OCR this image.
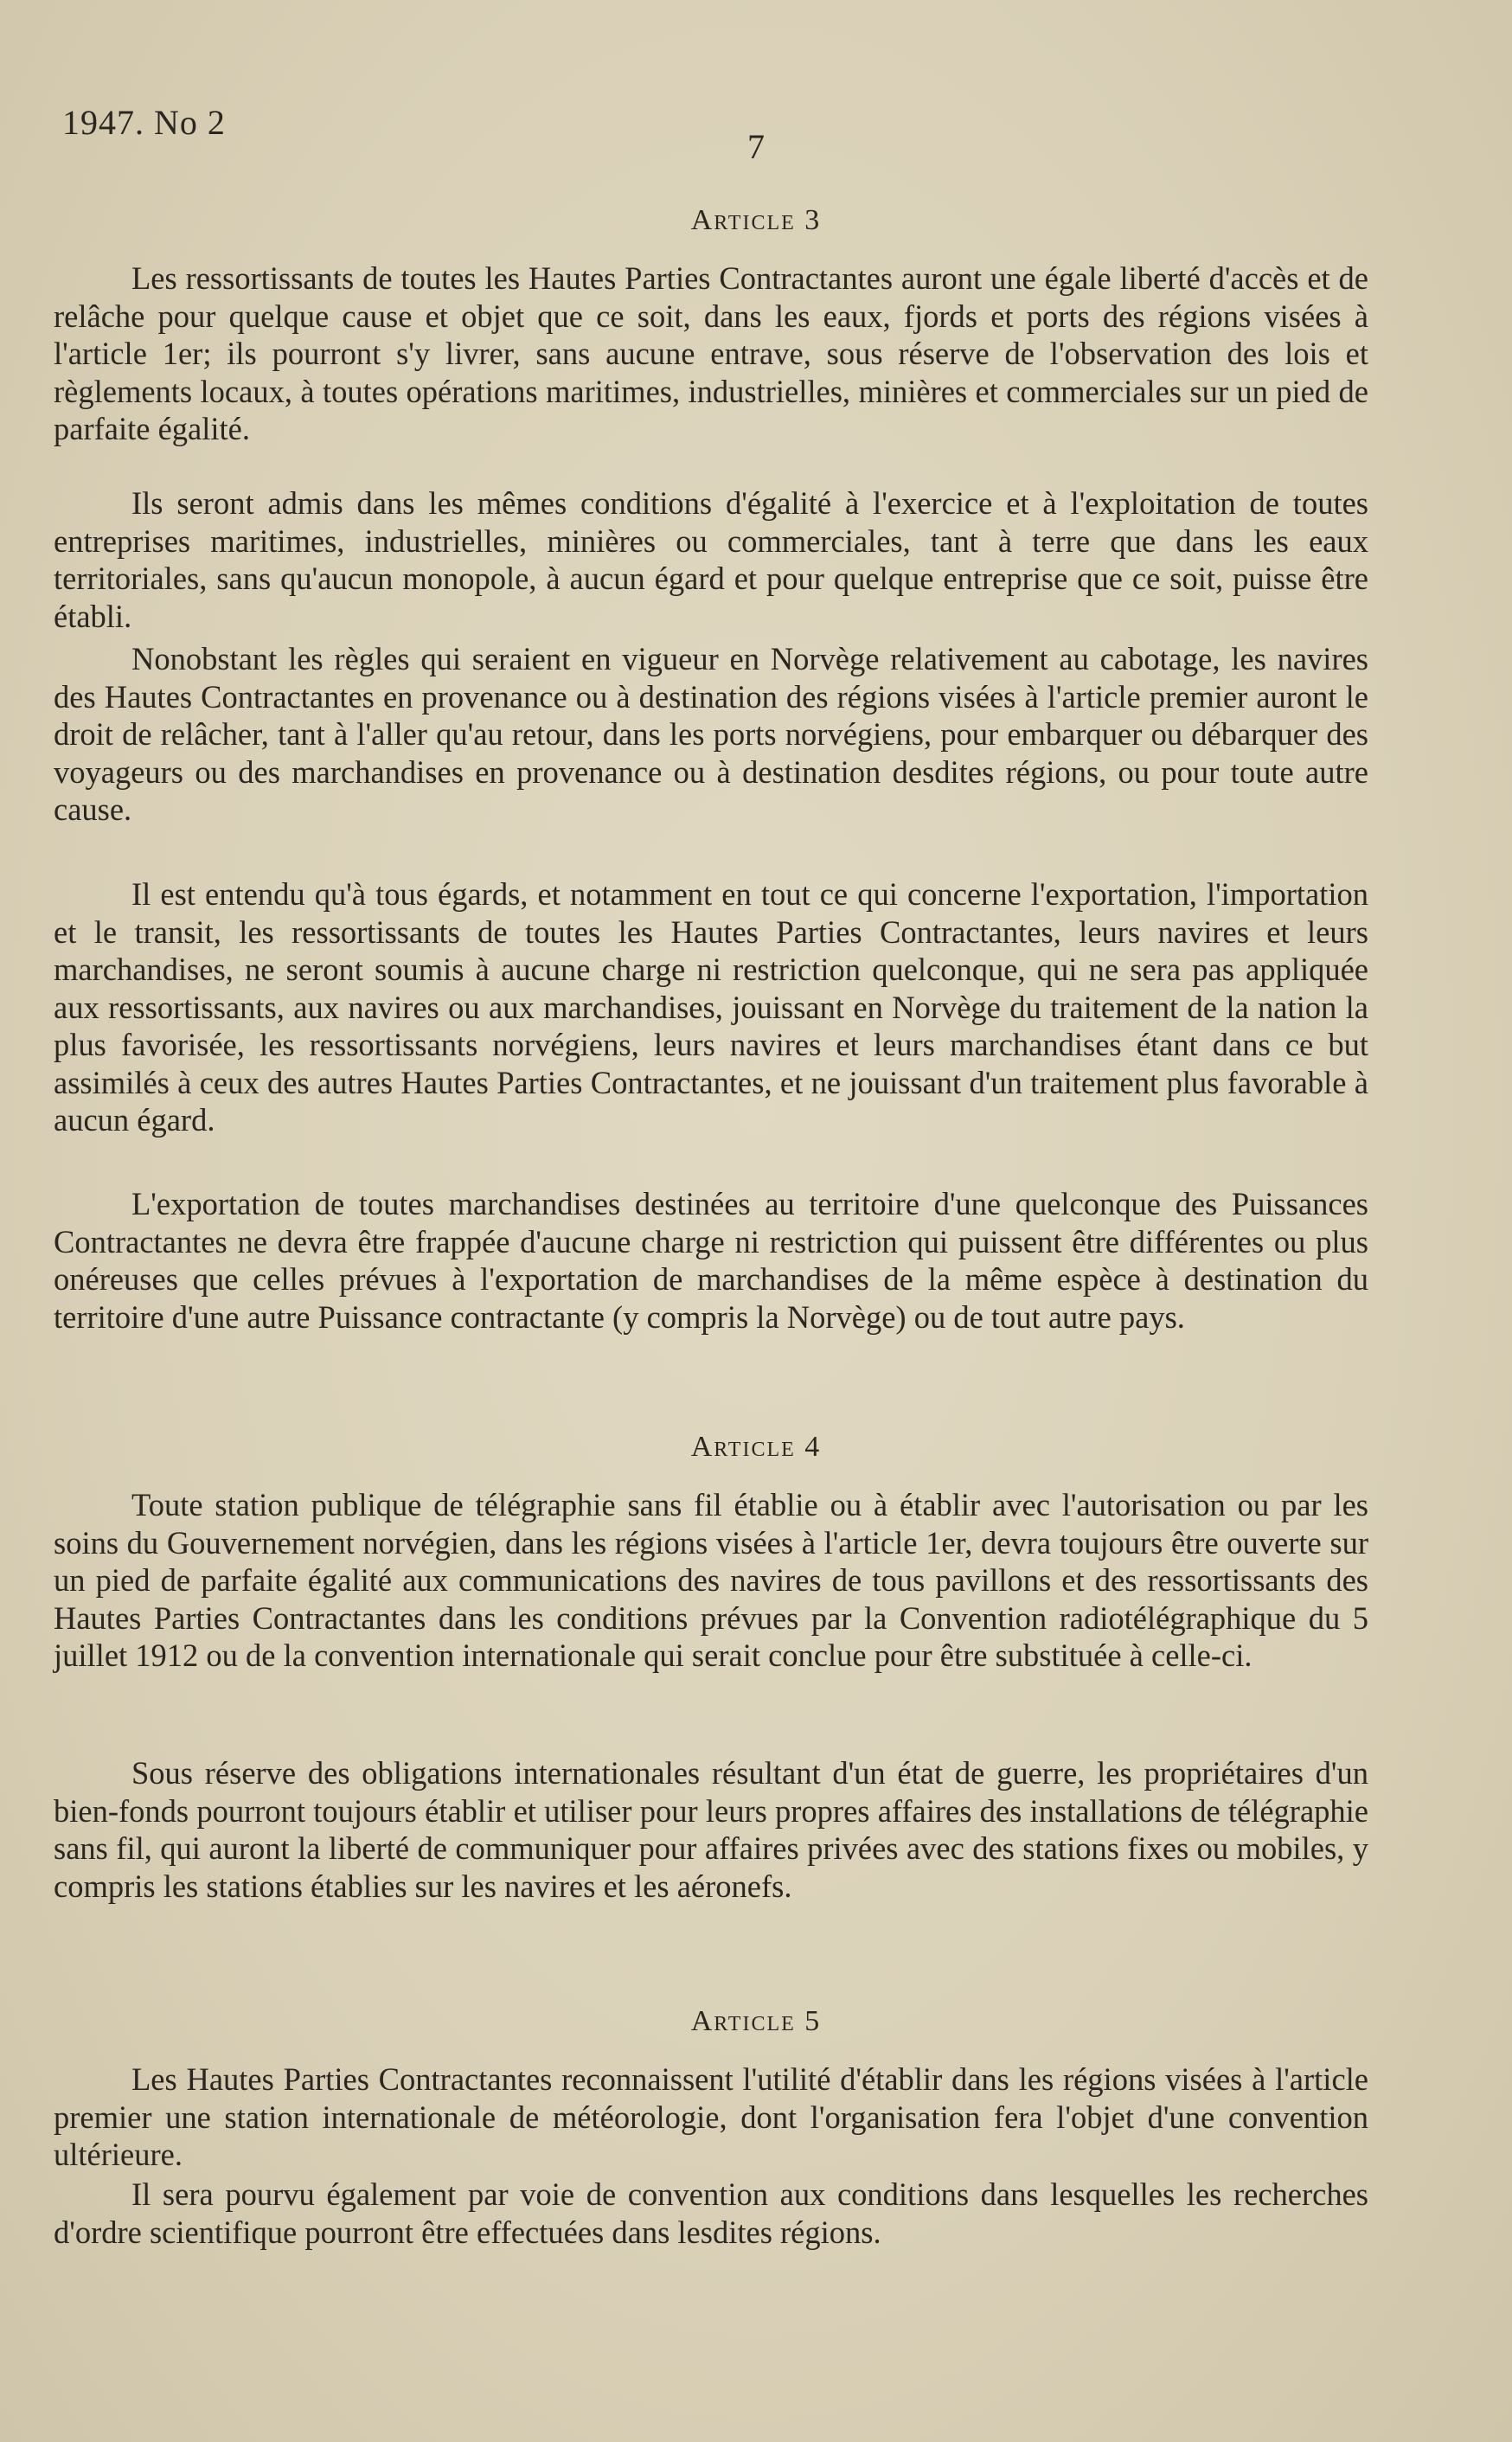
1947. No 2
7
Article 3

Les ressortissants de toutes les Hautes Parties Contractantes auront une égale liberté d'accès et de relâche pour quelque cause et objet que ce soit, dans les eaux, fjords et ports des régions visées à l'article 1er; ils pourront s'y livrer, sans aucune entrave, sous réserve de l'observation des lois et règlements locaux, à toutes opérations maritimes, industrielles, minières et commerciales sur un pied de parfaite égalité.

Ils seront admis dans les mêmes conditions d'égalité à l'exercice et à l'exploitation de toutes entreprises maritimes, industrielles, minières ou commerciales, tant à terre que dans les eaux territoriales, sans qu'aucun monopole, à aucun égard et pour quelque entreprise que ce soit, puisse être établi.

Nonobstant les règles qui seraient en vigueur en Norvège relativement au cabotage, les navires des Hautes Contractantes en provenance ou à destination des régions visées à l'article premier auront le droit de relâcher, tant à l'aller qu'au retour, dans les ports norvégiens, pour embarquer ou débarquer des voyageurs ou des marchandises en provenance ou à destination desdites régions, ou pour toute autre cause.

Il est entendu qu'à tous égards, et notamment en tout ce qui concerne l'exportation, l'importation et le transit, les ressortissants de toutes les Hautes Parties Contractantes, leurs navires et leurs marchandises, ne seront soumis à aucune charge ni restriction quelconque, qui ne sera pas appliquée aux ressortissants, aux navires ou aux marchandises, jouissant en Norvège du traitement de la nation la plus favorisée, les ressortissants norvégiens, leurs navires et leurs marchandises étant dans ce but assimilés à ceux des autres Hautes Parties Contractantes, et ne jouissant d'un traitement plus favorable à aucun égard.

L'exportation de toutes marchandises destinées au territoire d'une quelconque des Puissances Contractantes ne devra être frappée d'aucune charge ni restriction qui puissent être différentes ou plus onéreuses que celles prévues à l'exportation de marchandises de la même espèce à destination du territoire d'une autre Puissance contractante (y compris la Norvège) ou de tout autre pays.

Article 4

Toute station publique de télégraphie sans fil établie ou à établir avec l'autorisation ou par les soins du Gouvernement norvégien, dans les régions visées à l'article 1er, devra toujours être ouverte sur un pied de parfaite égalité aux communications des navires de tous pavillons et des ressortissants des Hautes Parties Contractantes dans les conditions prévues par la Convention radiotélégraphique du 5 juillet 1912 ou de la convention internationale qui serait conclue pour être substituée à celle-ci.

Sous réserve des obligations internationales résultant d'un état de guerre, les propriétaires d'un bien-fonds pourront toujours établir et utiliser pour leurs propres affaires des installations de télégraphie sans fil, qui auront la liberté de communiquer pour affaires privées avec des stations fixes ou mobiles, y compris les stations établies sur les navires et les aéronefs.

Article 5

Les Hautes Parties Contractantes reconnaissent l'utilité d'établir dans les régions visées à l'article premier une station internationale de météorologie, dont l'organisation fera l'objet d'une convention ultérieure.

Il sera pourvu également par voie de convention aux conditions dans lesquelles les recherches d'ordre scientifique pourront être effectuées dans lesdites régions.
